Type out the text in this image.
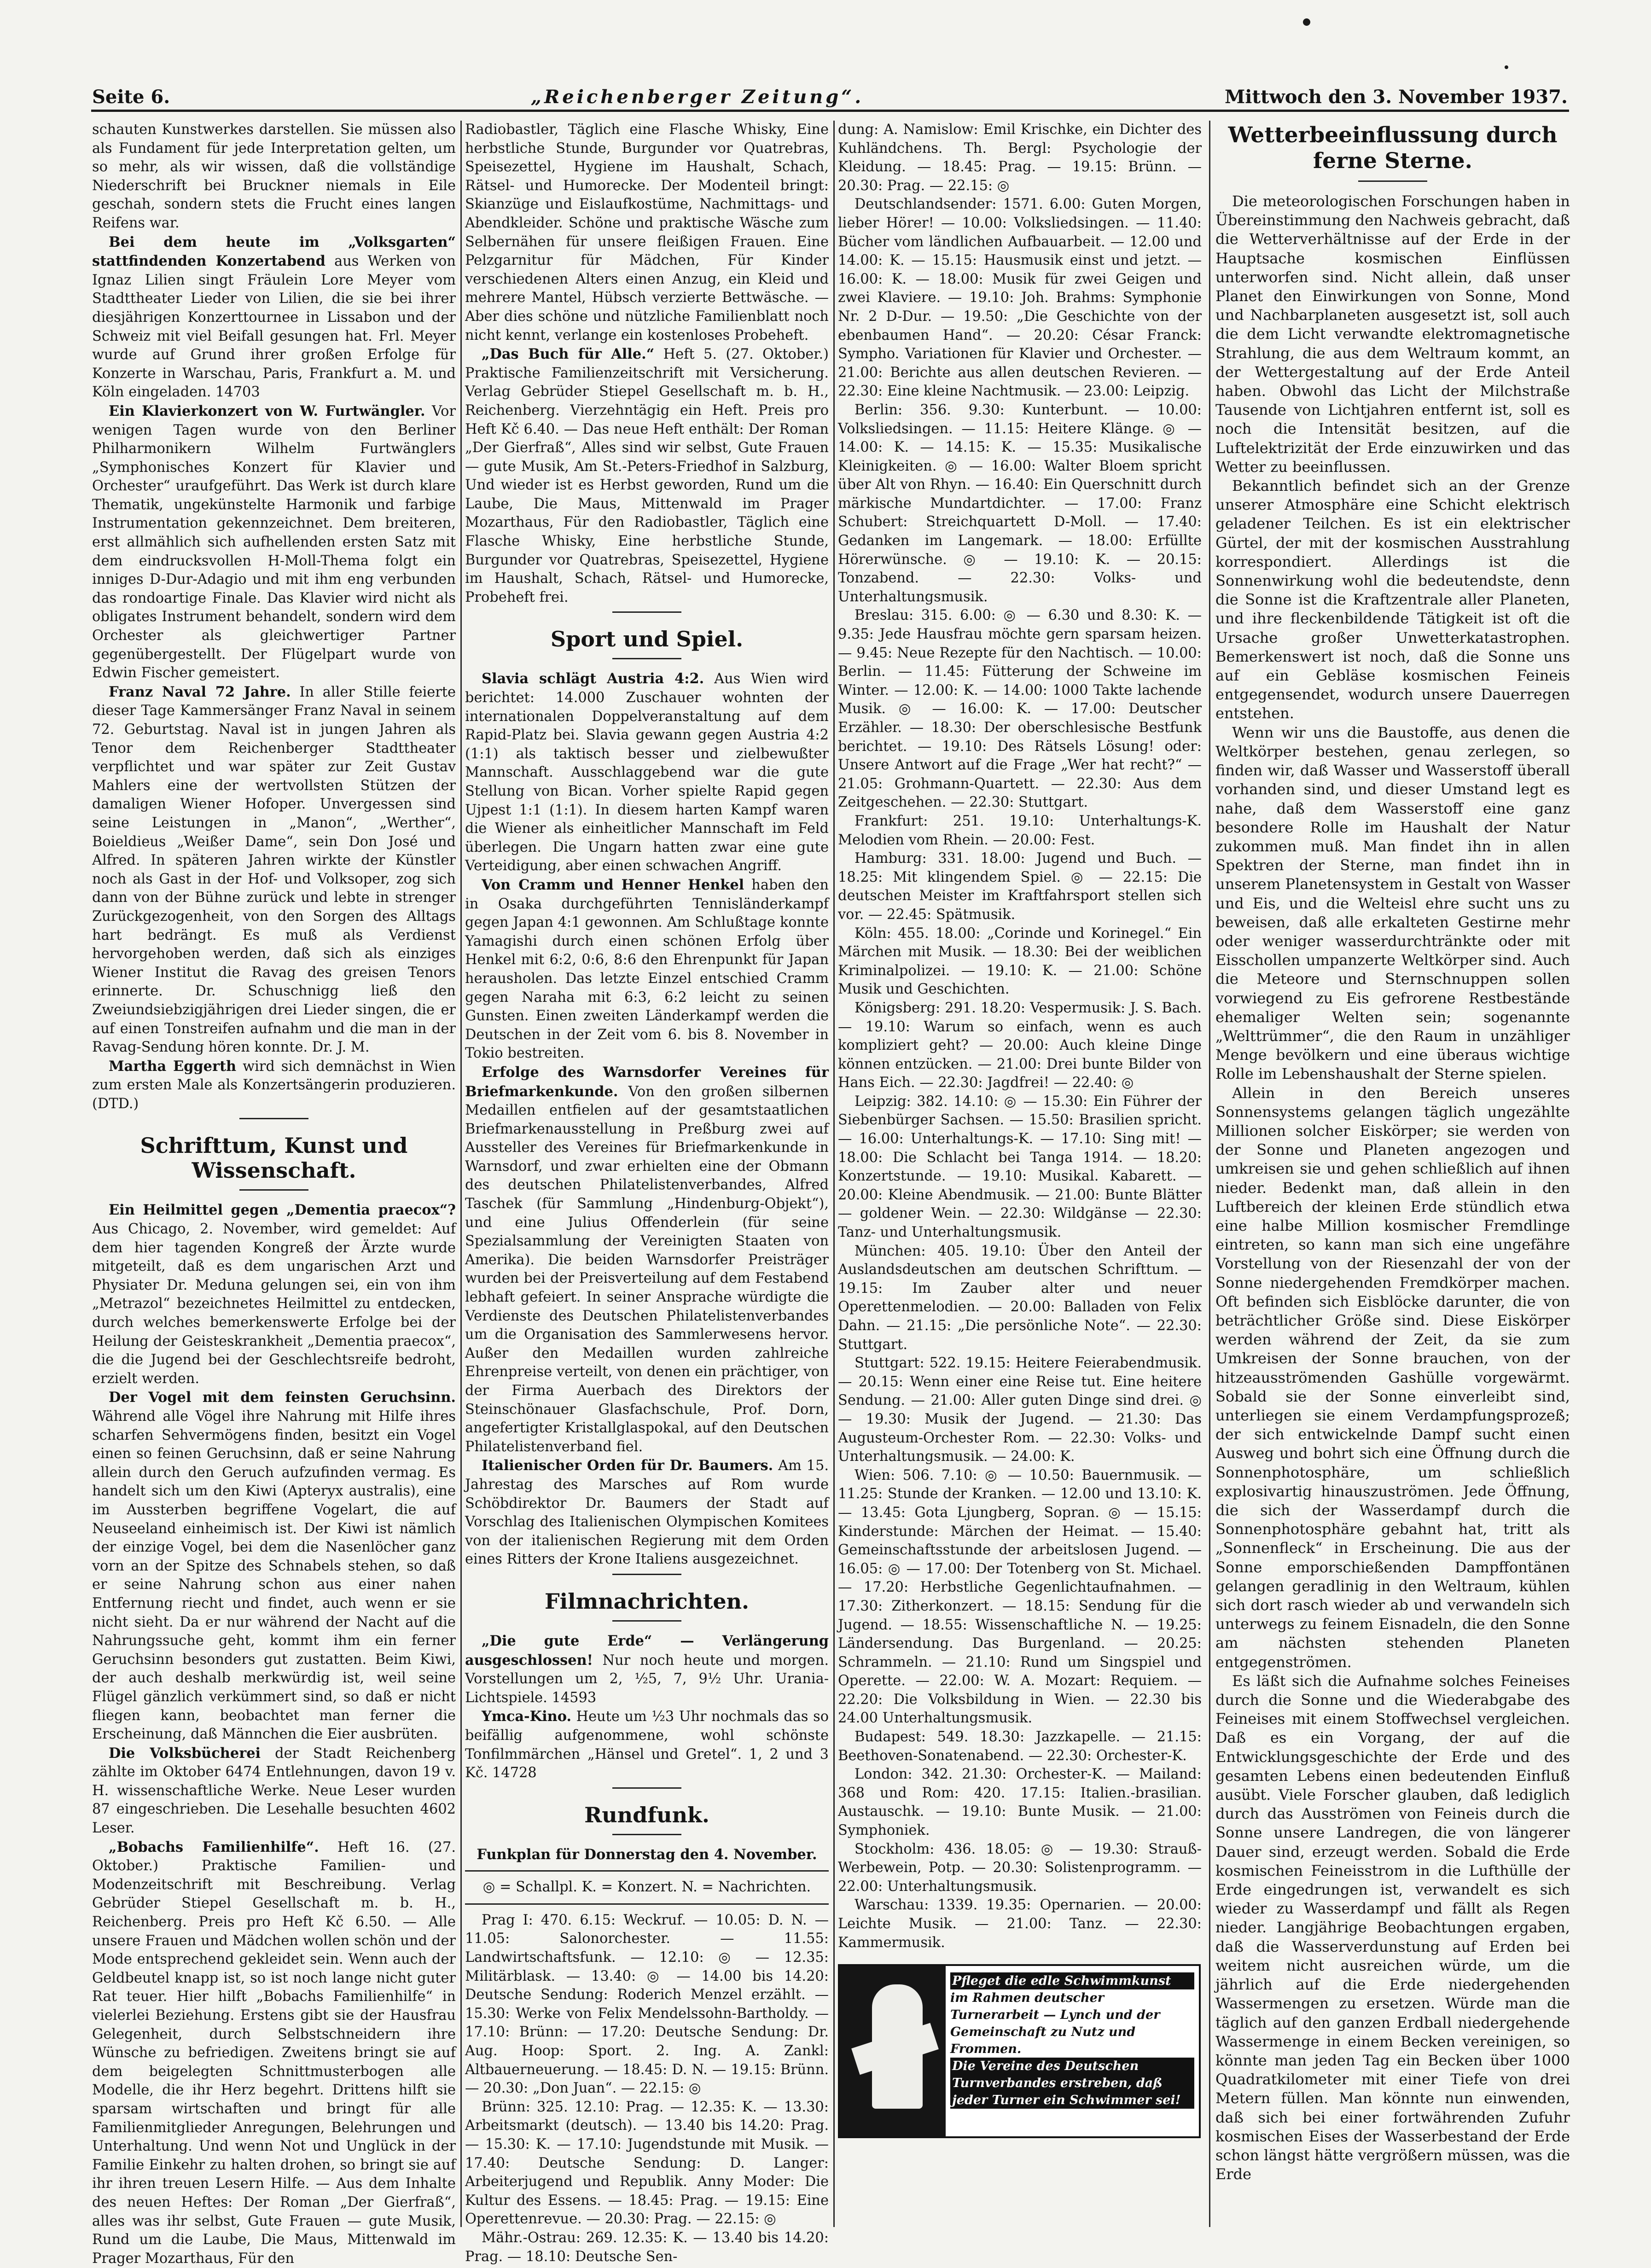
Seite 6.	„Reichenberger Zeitung“.	Mittwoch den 3. November 1937.

schauten Kunstwerkes darstellen. Sie müssen also als Fundament für jede Interpretation gelten, um so mehr, als wir wissen, daß die vollständige Niederschrift bei Bruckner niemals in Eile geschah, sondern stets die Frucht eines langen Reifens war.

Bei dem heute im „Volksgarten“ stattfindenden Konzertabend aus Werken von Ignaz Lilien singt Fräulein Lore Meyer vom Stadttheater Lieder von Lilien, die sie bei ihrer diesjährigen Konzerttournee in Lissabon und der Schweiz mit viel Beifall gesungen hat. Frl. Meyer wurde auf Grund ihrer großen Erfolge für Konzerte in Warschau, Paris, Frankfurt a. M. und Köln eingeladen. 14703

Ein Klavierkonzert von W. Furtwängler. Vor wenigen Tagen wurde von den Berliner Philharmonikern Wilhelm Furtwänglers „Symphonisches Konzert für Klavier und Orchester“ uraufgeführt. Das Werk ist durch klare Thematik, ungekünstelte Harmonik und farbige Instrumentation gekennzeichnet. Dem breiteren, erst allmählich sich aufhellenden ersten Satz mit dem eindrucksvollen H-Moll-Thema folgt ein inniges D-Dur-Adagio und mit ihm eng verbunden das rondoartige Finale. Das Klavier wird nicht als obligates Instrument behandelt, sondern wird dem Orchester als gleichwertiger Partner gegenübergestellt. Der Flügelpart wurde von Edwin Fischer gemeistert.

Franz Naval 72 Jahre. In aller Stille feierte dieser Tage Kammersänger Franz Naval in seinem 72. Geburtstag. Naval ist in jungen Jahren als Tenor dem Reichenberger Stadttheater verpflichtet und war später zur Zeit Gustav Mahlers eine der wertvollsten Stützen der damaligen Wiener Hofoper. Unvergessen sind seine Leistungen in „Manon“, „Werther“, Boieldieus „Weißer Dame“, sein Don José und Alfred. In späteren Jahren wirkte der Künstler noch als Gast in der Hof- und Volksoper, zog sich dann von der Bühne zurück und lebte in strenger Zurückgezogenheit, von den Sorgen des Alltags hart bedrängt. Es muß als Verdienst hervorgehoben werden, daß sich als einziges Wiener Institut die Ravag des greisen Tenors erinnerte. Dr. Schuschnigg ließ den Zweiundsiebzigjährigen drei Lieder singen, die er auf einen Tonstreifen aufnahm und die man in der Ravag-Sendung hören konnte. Dr. J. M.

Martha Eggerth wird sich demnächst in Wien zum ersten Male als Konzertsängerin produzieren. (DTD.)

Schrifttum, Kunst und Wissenschaft.

Ein Heilmittel gegen „Dementia praecox“? Aus Chicago, 2. November, wird gemeldet: Auf dem hier tagenden Kongreß der Ärzte wurde mitgeteilt, daß es dem ungarischen Arzt und Physiater Dr. Meduna gelungen sei, ein von ihm „Metrazol“ bezeichnetes Heilmittel zu entdecken, durch welches bemerkenswerte Erfolge bei der Heilung der Geisteskrankheit „Dementia praecox“, die die Jugend bei der Geschlechtsreife bedroht, erzielt werden.

Der Vogel mit dem feinsten Geruchsinn. Während alle Vögel ihre Nahrung mit Hilfe ihres scharfen Sehvermögens finden, besitzt ein Vogel einen so feinen Geruchsinn, daß er seine Nahrung allein durch den Geruch aufzufinden vermag. Es handelt sich um den Kiwi (Apteryx australis), eine im Aussterben begriffene Vogelart, die auf Neuseeland einheimisch ist. Der Kiwi ist nämlich der einzige Vogel, bei dem die Nasenlöcher ganz vorn an der Spitze des Schnabels stehen, so daß er seine Nahrung schon aus einer nahen Entfernung riecht und findet, auch wenn er sie nicht sieht. Da er nur während der Nacht auf die Nahrungssuche geht, kommt ihm ein ferner Geruchsinn besonders gut zustatten. Beim Kiwi, der auch deshalb merkwürdig ist, weil seine Flügel gänzlich verkümmert sind, so daß er nicht fliegen kann, beobachtet man ferner die Erscheinung, daß Männchen die Eier ausbrüten.

Die Volksbücherei der Stadt Reichenberg zählte im Oktober 6474 Entlehnungen, davon 19 v. H. wissenschaftliche Werke. Neue Leser wurden 87 eingeschrieben. Die Lesehalle besuchten 4602 Leser.

„Bobachs Familienhilfe“. Heft 16. (27. Oktober.) Praktische Familien- und Modenzeitschrift mit Beschreibung. Verlag Gebrüder Stiepel Gesellschaft m. b. H., Reichenberg. Preis pro Heft Kč 6.50. — Alle unsere Frauen und Mädchen wollen schön und der Mode entsprechend gekleidet sein. Wenn auch der Geldbeutel knapp ist, so ist noch lange nicht guter Rat teuer. Hier hilft „Bobachs Familienhilfe“ in vielerlei Beziehung. Erstens gibt sie der Hausfrau Gelegenheit, durch Selbstschneidern ihre Wünsche zu befriedigen. Zweitens bringt sie auf dem beigelegten Schnittmusterbogen alle Modelle, die ihr Herz begehrt. Drittens hilft sie sparsam wirtschaften und bringt für alle Familienmitglieder Anregungen, Belehrungen und Unterhaltung. Und wenn Not und Unglück in der Familie Einkehr zu halten drohen, so bringt sie auf ihr ihren treuen Lesern Hilfe. — Aus dem Inhalte des neuen Heftes: Der Roman „Der Gierfraß“, alles was ihr selbst, Gute Frauen — gute Musik, Rund um die Laube, Die Maus, Mittenwald im Prager Mozarthaus, Für den

Radiobastler, Täglich eine Flasche Whisky, Eine herbstliche Stunde, Burgunder vor Quatrebras, Speisezettel, Hygiene im Haushalt, Schach, Rätsel- und Humorecke. Der Modenteil bringt: Skianzüge und Eislaufkostüme, Nachmittags- und Abendkleider. Schöne und praktische Wäsche zum Selbernähen für unsere fleißigen Frauen. Eine Pelzgarnitur für Mädchen, Für Kinder verschiedenen Alters einen Anzug, ein Kleid und mehrere Mantel, Hübsch verzierte Bettwäsche. — Aber dies schöne und nützliche Familienblatt noch nicht kennt, verlange ein kostenloses Probeheft.

„Das Buch für Alle.“ Heft 5. (27. Oktober.) Praktische Familienzeitschrift mit Versicherung. Verlag Gebrüder Stiepel Gesellschaft m. b. H., Reichenberg. Vierzehntägig ein Heft. Preis pro Heft Kč 6.40. — Das neue Heft enthält: Der Roman „Der Gierfraß“, Alles sind wir selbst, Gute Frauen — gute Musik, Am St.-Peters-Friedhof in Salzburg, Und wieder ist es Herbst geworden, Rund um die Laube, Die Maus, Mittenwald im Prager Mozarthaus, Für den Radiobastler, Täglich eine Flasche Whisky, Eine herbstliche Stunde, Burgunder vor Quatrebras, Speisezettel, Hygiene im Haushalt, Schach, Rätsel- und Humorecke, Probeheft frei.

Sport und Spiel.

Slavia schlägt Austria 4:2. Aus Wien wird berichtet: 14.000 Zuschauer wohnten der internationalen Doppelveranstaltung auf dem Rapid-Platz bei. Slavia gewann gegen Austria 4:2 (1:1) als taktisch besser und zielbewußter Mannschaft. Ausschlaggebend war die gute Stellung von Bican. Vorher spielte Rapid gegen Ujpest 1:1 (1:1). In diesem harten Kampf waren die Wiener als einheitlicher Mannschaft im Feld überlegen. Die Ungarn hatten zwar eine gute Verteidigung, aber einen schwachen Angriff.

Von Cramm und Henner Henkel haben den in Osaka durchgeführten Tennisländerkampf gegen Japan 4:1 gewonnen. Am Schlußtage konnte Yamagishi durch einen schönen Erfolg über Henkel mit 6:2, 0:6, 8:6 den Ehrenpunkt für Japan herausholen. Das letzte Einzel entschied Cramm gegen Naraha mit 6:3, 6:2 leicht zu seinen Gunsten. Einen zweiten Länderkampf werden die Deutschen in der Zeit vom 6. bis 8. November in Tokio bestreiten.

Erfolge des Warnsdorfer Vereines für Briefmarkenkunde. Von den großen silbernen Medaillen entfielen auf der gesamtstaatlichen Briefmarkenausstellung in Preßburg zwei auf Aussteller des Vereines für Briefmarkenkunde in Warnsdorf, und zwar erhielten eine der Obmann des deutschen Philatelistenverbandes, Alfred Taschek (für Sammlung „Hindenburg-Objekt“), und eine Julius Offenderlein (für seine Spezialsammlung der Vereinigten Staaten von Amerika). Die beiden Warnsdorfer Preisträger wurden bei der Preisverteilung auf dem Festabend lebhaft gefeiert. In seiner Ansprache würdigte die Verdienste des Deutschen Philatelistenverbandes um die Organisation des Sammlerwesens hervor. Außer den Medaillen wurden zahlreiche Ehrenpreise verteilt, von denen ein prächtiger, von der Firma Auerbach des Direktors der Steinschönauer Glasfachschule, Prof. Dorn, angefertigter Kristallglaspokal, auf den Deutschen Philatelistenverband fiel.

Italienischer Orden für Dr. Baumers. Am 15. Jahrestag des Marsches auf Rom wurde Schöbdirektor Dr. Baumers der Stadt auf Vorschlag des Italienischen Olympischen Komitees von der italienischen Regierung mit dem Orden eines Ritters der Krone Italiens ausgezeichnet.

Filmnachrichten.

„Die gute Erde“ — Verlängerung ausgeschlossen! Nur noch heute und morgen. Vorstellungen um 2, ½5, 7, 9½ Uhr. Urania-Lichtspiele. 14593

Ymca-Kino. Heute um ½3 Uhr nochmals das so beifällig aufgenommene, wohl schönste Tonfilmmärchen „Hänsel und Gretel“. 1, 2 und 3 Kč. 14728

Rundfunk.

Funkplan für Donnerstag den 4. November.

◎ = Schallpl. K. = Konzert. N. = Nachrichten.

Prag I: 470. 6.15: Weckruf. — 10.05: D. N. — 11.05: Salonorchester. — 11.55: Landwirtschaftsfunk. — 12.10: ◎ — 12.35: Militärblask. — 13.40: ◎ — 14.00 bis 14.20: Deutsche Sendung: Roderich Menzel erzählt. — 15.30: Werke von Felix Mendelssohn-Bartholdy. — 17.10: Brünn: — 17.20: Deutsche Sendung: Dr. Aug. Hoop: Sport. 2. Ing. A. Zankl: Altbauerneuerung. — 18.45: D. N. — 19.15: Brünn. — 20.30: „Don Juan“. — 22.15: ◎

Brünn: 325. 12.10: Prag. — 12.35: K. — 13.30: Arbeitsmarkt (deutsch). — 13.40 bis 14.20: Prag. — 15.30: K. — 17.10: Jugendstunde mit Musik. — 17.40: Deutsche Sendung: D. Langer: Arbeiterjugend und Republik. Anny Moder: Die Kultur des Essens. — 18.45: Prag. — 19.15: Eine Operettenrevue. — 20.30: Prag. — 22.15: ◎

Mähr.-Ostrau: 269. 12.35: K. — 13.40 bis 14.20: Prag. — 18.10: Deutsche Sen-

dung: A. Namislow: Emil Krischke, ein Dichter des Kuhländchens. Th. Bergl: Psychologie der Kleidung. — 18.45: Prag. — 19.15: Brünn. — 20.30: Prag. — 22.15: ◎

Deutschlandsender: 1571. 6.00: Guten Morgen, lieber Hörer! — 10.00: Volksliedsingen. — 11.40: Bücher vom ländlichen Aufbauarbeit. — 12.00 und 14.00: K. — 15.15: Hausmusik einst und jetzt. — 16.00: K. — 18.00: Musik für zwei Geigen und zwei Klaviere. — 19.10: Joh. Brahms: Symphonie Nr. 2 D-Dur. — 19.50: „Die Geschichte von der ebenbaumen Hand“. — 20.20: César Franck: Sympho. Variationen für Klavier und Orchester. — 21.00: Berichte aus allen deutschen Revieren. — 22.30: Eine kleine Nachtmusik. — 23.00: Leipzig.

Berlin: 356. 9.30: Kunterbunt. — 10.00: Volksliedsingen. — 11.15: Heitere Klänge. ◎ — 14.00: K. — 14.15: K. — 15.35: Musikalische Kleinigkeiten. ◎ — 16.00: Walter Bloem spricht über Alt von Rhyn. — 16.40: Ein Querschnitt durch märkische Mundartdichter. — 17.00: Franz Schubert: Streichquartett D-Moll. — 17.40: Gedanken im Langemark. — 18.00: Erfüllte Hörerwünsche. ◎ — 19.10: K. — 20.15: Tonzabend. — 22.30: Volks- und Unterhaltungsmusik.

Breslau: 315. 6.00: ◎ — 6.30 und 8.30: K. — 9.35: Jede Hausfrau möchte gern sparsam heizen. — 9.45: Neue Rezepte für den Nachtisch. — 10.00: Berlin. — 11.45: Fütterung der Schweine im Winter. — 12.00: K. — 14.00: 1000 Takte lachende Musik. ◎ — 16.00: K. — 17.00: Deutscher Erzähler. — 18.30: Der oberschlesische Bestfunk berichtet. — 19.10: Des Rätsels Lösung! oder: Unsere Antwort auf die Frage „Wer hat recht?“ — 21.05: Grohmann-Quartett. — 22.30: Aus dem Zeitgeschehen. — 22.30: Stuttgart.

Frankfurt: 251. 19.10: Unterhaltungs-K. Melodien vom Rhein. — 20.00: Fest.

Hamburg: 331. 18.00: Jugend und Buch. — 18.25: Mit klingendem Spiel. ◎ — 22.15: Die deutschen Meister im Kraftfahrsport stellen sich vor. — 22.45: Spätmusik.

Köln: 455. 18.00: „Corinde und Korinegel.“ Ein Märchen mit Musik. — 18.30: Bei der weiblichen Kriminalpolizei. — 19.10: K. — 21.00: Schöne Musik und Geschichten.

Königsberg: 291. 18.20: Vespermusik: J. S. Bach. — 19.10: Warum so einfach, wenn es auch kompliziert geht? — 20.00: Auch kleine Dinge können entzücken. — 21.00: Drei bunte Bilder von Hans Eich. — 22.30: Jagdfrei! — 22.40: ◎

Leipzig: 382. 14.10: ◎ — 15.30: Ein Führer der Siebenbürger Sachsen. — 15.50: Brasilien spricht. — 16.00: Unterhaltungs-K. — 17.10: Sing mit! — 18.00: Die Schlacht bei Tanga 1914. — 18.20: Konzertstunde. — 19.10: Musikal. Kabarett. — 20.00: Kleine Abendmusik. — 21.00: Bunte Blätter — goldener Wein. — 22.30: Wildgänse — 22.30: Tanz- und Unterhaltungsmusik.

München: 405. 19.10: Über den Anteil der Auslandsdeutschen am deutschen Schrifttum. — 19.15: Im Zauber alter und neuer Operettenmelodien. — 20.00: Balladen von Felix Dahn. — 21.15: „Die persönliche Note“. — 22.30: Stuttgart.

Stuttgart: 522. 19.15: Heitere Feierabendmusik. — 20.15: Wenn einer eine Reise tut. Eine heitere Sendung. — 21.00: Aller guten Dinge sind drei. ◎ — 19.30: Musik der Jugend. — 21.30: Das Augusteum-Orchester Rom. — 22.30: Volks- und Unterhaltungsmusik. — 24.00: K.

Wien: 506. 7.10: ◎ — 10.50: Bauernmusik. — 11.25: Stunde der Kranken. — 12.00 und 13.10: K. — 13.45: Gota Ljungberg, Sopran. ◎ — 15.15: Kinderstunde: Märchen der Heimat. — 15.40: Gemeinschaftsstunde der arbeitslosen Jugend. — 16.05: ◎ — 17.00: Der Totenberg von St. Michael. — 17.20: Herbstliche Gegenlichtaufnahmen. — 17.30: Zitherkonzert. — 18.15: Sendung für die Jugend. — 18.55: Wissenschaftliche N. — 19.25: Ländersendung. Das Burgenland. — 20.25: Schrammeln. — 21.10: Rund um Singspiel und Operette. — 22.00: W. A. Mozart: Requiem. — 22.20: Die Volksbildung in Wien. — 22.30 bis 24.00 Unterhaltungsmusik.

Budapest: 549. 18.30: Jazzkapelle. — 21.15: Beethoven-Sonatenabend. — 22.30: Orchester-K.

London: 342. 21.30: Orchester-K. — Mailand: 368 und Rom: 420. 17.15: Italien.-brasilian. Austauschk. — 19.10: Bunte Musik. — 21.00: Symphoniek.

Stockholm: 436. 18.05: ◎ — 19.30: Strauß-Werbewein, Potp. — 20.30: Solistenprogramm. — 22.00: Unterhaltungsmusik.

Warschau: 1339. 19.35: Opernarien. — 20.00: Leichte Musik. — 21.00: Tanz. — 22.30: Kammermusik.

Pfleget die edle Schwimmkunst
im Rahmen deutscher Turnerarbeit — Lynch und der Gemeinschaft zu Nutz und Frommen.
Die Vereine des Deutschen Turnverbandes erstreben, daß jeder Turner ein Schwimmer sei!
Wetterbeeinflussung durch ferne Sterne.

Die meteorologischen Forschungen haben in Übereinstimmung den Nachweis gebracht, daß die Wetterverhältnisse auf der Erde in der Hauptsache kosmischen Einflüssen unterworfen sind. Nicht allein, daß unser Planet den Einwirkungen von Sonne, Mond und Nachbarplaneten ausgesetzt ist, soll auch die dem Licht verwandte elektromagnetische Strahlung, die aus dem Weltraum kommt, an der Wettergestaltung auf der Erde Anteil haben. Obwohl das Licht der Milchstraße Tausende von Lichtjahren entfernt ist, soll es noch die Intensität besitzen, auf die Luftelektrizität der Erde einzuwirken und das Wetter zu beeinflussen.

Bekanntlich befindet sich an der Grenze unserer Atmosphäre eine Schicht elektrisch geladener Teilchen. Es ist ein elektrischer Gürtel, der mit der kosmischen Ausstrahlung korrespondiert. Allerdings ist die Sonnenwirkung wohl die bedeutendste, denn die Sonne ist die Kraftzentrale aller Planeten, und ihre fleckenbildende Tätigkeit ist oft die Ursache großer Unwetterkatastrophen. Bemerkenswert ist noch, daß die Sonne uns auf ein Gebläse kosmischen Feineis entgegensendet, wodurch unsere Dauerregen entstehen.

Wenn wir uns die Baustoffe, aus denen die Weltkörper bestehen, genau zerlegen, so finden wir, daß Wasser und Wasserstoff überall vorhanden sind, und dieser Umstand legt es nahe, daß dem Wasserstoff eine ganz besondere Rolle im Haushalt der Natur zukommen muß. Man findet ihn in allen Spektren der Sterne, man findet ihn in unserem Planetensystem in Gestalt von Wasser und Eis, und die Welteisl ehre sucht uns zu beweisen, daß alle erkalteten Gestirne mehr oder weniger wasserdurchtränkte oder mit Eisschollen umpanzerte Weltkörper sind. Auch die Meteore und Sternschnuppen sollen vorwiegend zu Eis gefrorene Restbestände ehemaliger Welten sein; sogenannte „Welttrümmer“, die den Raum in unzähliger Menge bevölkern und eine überaus wichtige Rolle im Lebenshaushalt der Sterne spielen.

Allein in den Bereich unseres Sonnensystems gelangen täglich ungezählte Millionen solcher Eiskörper; sie werden von der Sonne und Planeten angezogen und umkreisen sie und gehen schließlich auf ihnen nieder. Bedenkt man, daß allein in den Luftbereich der kleinen Erde stündlich etwa eine halbe Million kosmischer Fremdlinge eintreten, so kann man sich eine ungefähre Vorstellung von der Riesenzahl der von der Sonne niedergehenden Fremdkörper machen. Oft befinden sich Eisblöcke darunter, die von beträchtlicher Größe sind. Diese Eiskörper werden während der Zeit, da sie zum Umkreisen der Sonne brauchen, von der hitzeausströmenden Gashülle vorgewärmt. Sobald sie der Sonne einverleibt sind, unterliegen sie einem Verdampfungsprozeß; der sich entwickelnde Dampf sucht einen Ausweg und bohrt sich eine Öffnung durch die Sonnenphotosphäre, um schließlich explosivartig hinauszuströmen. Jede Öffnung, die sich der Wasserdampf durch die Sonnenphotosphäre gebahnt hat, tritt als „Sonnenfleck“ in Erscheinung. Die aus der Sonne emporschießenden Dampffontänen gelangen geradlinig in den Weltraum, kühlen sich dort rasch wieder ab und verwandeln sich unterwegs zu feinem Eisnadeln, die den Sonne am nächsten stehenden Planeten entgegenströmen.

Es läßt sich die Aufnahme solches Feineises durch die Sonne und die Wiederabgabe des Feineises mit einem Stoffwechsel vergleichen. Daß es ein Vorgang, der auf die Entwicklungsgeschichte der Erde und des gesamten Lebens einen bedeutenden Einfluß ausübt. Viele Forscher glauben, daß lediglich durch das Ausströmen von Feineis durch die Sonne unsere Landregen, die von längerer Dauer sind, erzeugt werden. Sobald die Erde kosmischen Feineisstrom in die Lufthülle der Erde eingedrungen ist, verwandelt es sich wieder zu Wasserdampf und fällt als Regen nieder. Langjährige Beobachtungen ergaben, daß die Wasserverdunstung auf Erden bei weitem nicht ausreichen würde, um die jährlich auf die Erde niedergehenden Wassermengen zu ersetzen. Würde man die täglich auf den ganzen Erdball niedergehende Wassermenge in einem Becken vereinigen, so könnte man jeden Tag ein Becken über 1000 Quadratkilometer mit einer Tiefe von drei Metern füllen. Man könnte nun einwenden, daß sich bei einer fortwährenden Zufuhr kosmischen Eises der Wasserbestand der Erde schon längst hätte vergrößern müssen, was die Erde
